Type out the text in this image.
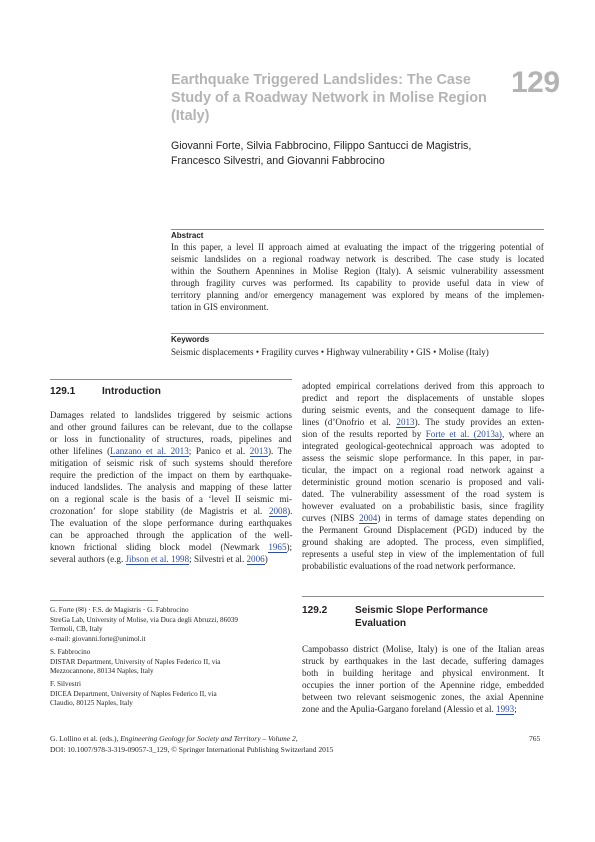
Earthquake Triggered Landslides: The Case
Study of a Roadway Network in Molise Region
(Italy)
129
Giovanni Forte, Silvia Fabbrocino, Filippo Santucci de Magistris,
Francesco Silvestri, and Giovanni Fabbrocino
Abstract
In this paper, a level II approach aimed at evaluating the impact of the triggering potential of
seismic landslides on a regional roadway network is described. The case study is located
within the Southern Apennines in Molise Region (Italy). A seismic vulnerability assessment
through fragility curves was performed. Its capability to provide useful data in view of
territory planning and/or emergency management was explored by means of the implemen-
tation in GIS environment.
Keywords
Seismic displacements • Fragility curves • Highway vulnerability • GIS • Molise (Italy)
129.1	Introduction
Damages related to landslides triggered by seismic actions
and other ground failures can be relevant, due to the collapse
or loss in functionality of structures, roads, pipelines and
other lifelines (Lanzano et al. 2013; Panico et al. 2013). The
mitigation of seismic risk of such systems should therefore
require the prediction of the impact on them by earthquake-
induced landslides. The analysis and mapping of these latter
on a regional scale is the basis of a ‘level II seismic mi-
crozonation’ for slope stability (de Magistris et al. 2008).
The evaluation of the slope performance during earthquakes
can be approached through the application of the well-
known frictional sliding block model (Newmark 1965);
several authors (e.g. Jibson et al. 1998; Silvestri et al. 2006)
adopted empirical correlations derived from this approach to
predict and report the displacements of unstable slopes
during seismic events, and the consequent damage to life-
lines (d’Onofrio et al. 2013). The study provides an exten-
sion of the results reported by Forte et al. (2013a), where an
integrated geological-geotechnical approach was adopted to
assess the seismic slope performance. In this paper, in par-
ticular, the impact on a regional road network against a
deterministic ground motion scenario is proposed and vali-
dated. The vulnerability assessment of the road system is
however evaluated on a probabilistic basis, since fragility
curves (NIBS 2004) in terms of damage states depending on
the Permanent Ground Displacement (PGD) induced by the
ground shaking are adopted. The process, even simplified,
represents a useful step in view of the implementation of full
probabilistic evaluations of the road network performance.
129.2	Seismic Slope Performance
Evaluation
Campobasso district (Molise, Italy) is one of the Italian areas
struck by earthquakes in the last decade, suffering damages
both in building heritage and physical environment. It
occupies the inner portion of the Apennine ridge, embedded
between two relevant seismogenic zones, the axial Apennine
zone and the Apulia-Gargano foreland (Alessio et al. 1993;
G. Forte (✉) · F.S. de Magistris · G. Fabbrocino
StreGa Lab, University of Molise, via Duca degli Abruzzi, 86039
Termoli, CB, Italy
e-mail: giovanni.forte@unimol.it
S. Fabbrocino
DISTAR Department, University of Naples Federico II, via
Mezzocannone, 80134 Naples, Italy
F. Silvestri
DICEA Department, University of Naples Federico II, via
Claudio, 80125 Naples, Italy
G. Lollino et al. (eds.), Engineering Geology for Society and Territory – Volume 2,
DOI: 10.1007/978-3-319-09057-3_129, © Springer International Publishing Switzerland 2015
765
